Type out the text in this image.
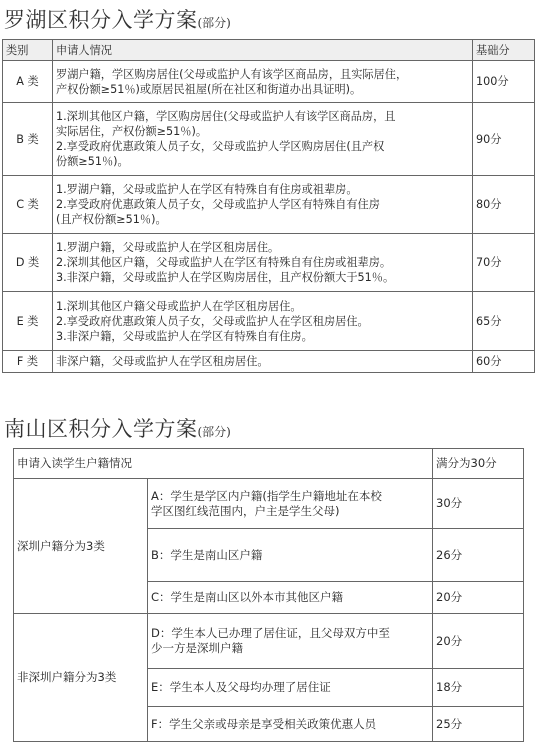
罗湖区积分入学方案(部分)
类别	申请人情况	基础分
A 类	罗湖户籍，学区购房居住(父母或监护人有该学区商品房，且实际居住，
产权份额≥51％)或原居民祖屋(所在社区和街道办出具证明)。	100分
B 类	1.深圳其他区户籍，学区购房居住(父母或监护人有该学区商品房，且
实际居住，产权份额≥51％)。
2.享受政府优惠政策人员子女，父母或监护人学区购房居住(且产权
份额≥51％)。	90分
C 类	1.罗湖户籍，父母或监护人在学区有特殊自有住房或祖辈房。
2.享受政府优惠政策人员子女，父母或监护人学区有特殊自有住房
(且产权份额≥51％)。	80分
D 类	1.罗湖户籍，父母或监护人在学区租房居住。
2.深圳其他区户籍，父母或监护人在学区有特殊自有住房或祖辈房。
3.非深户籍，父母或监护人在学区购房居住，且产权份额大于51％。	70分
E 类	1.深圳其他区户籍父母或监护人在学区租房居住。
2.享受政府优惠政策人员子女，父母或监护人在学区租房居住。
3.非深户籍，父母或监护人在学区有特殊自有住房。	65分
F 类	非深户籍，父母或监护人在学区租房居住。	60分
南山区积分入学方案(部分)
申请入读学生户籍情况		满分为30分
深圳户籍分为3类	A：学生是学区内户籍(指学生户籍地址在本校
学区图红线范围内，户主是学生父母)	30分

	B：学生是南山区户籍	26分

	C：学生是南山区以外本市其他区户籍	20分
非深圳户籍分为3类	D：学生本人已办理了居住证，且父母双方中至
少一方是深圳户籍	20分

	E：学生本人及父母均办理了居住证	18分

	F：学生父亲或母亲是享受相关政策优惠人员	25分
